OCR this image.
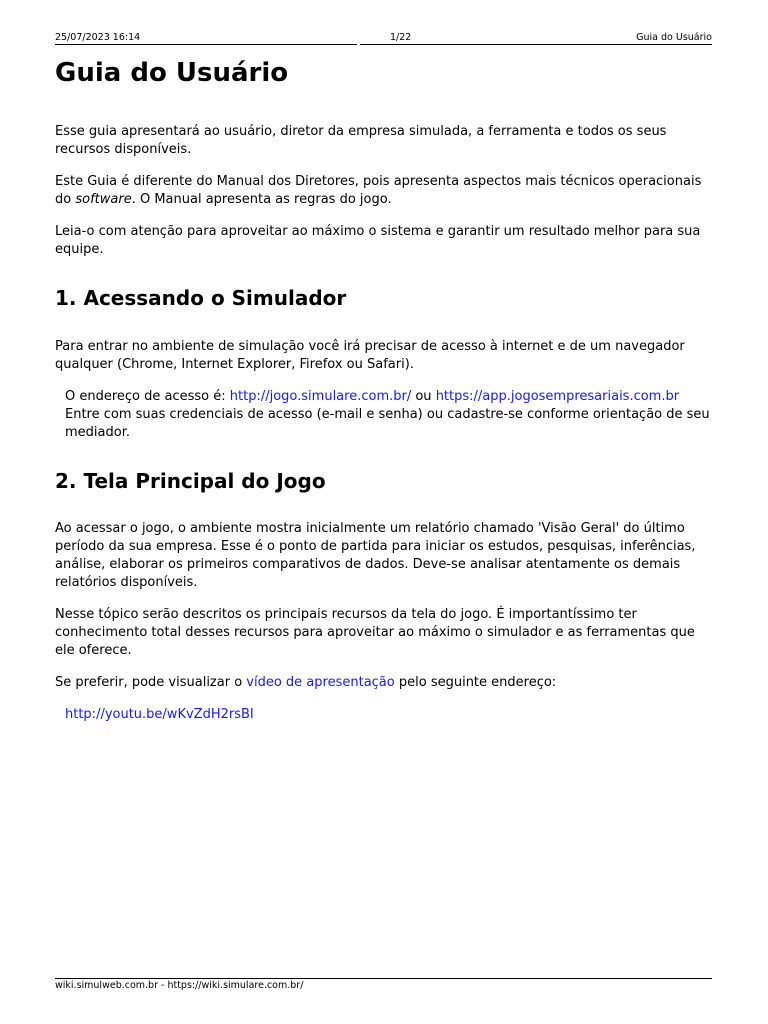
25/07/2023 16:14	1/22	Guia do Usuário
Guia do Usuário

Esse guia apresentará ao usuário, diretor da empresa simulada, a ferramenta e todos os seus recursos disponíveis.

Este Guia é diferente do Manual dos Diretores, pois apresenta aspectos mais técnicos operacionais do software. O Manual apresenta as regras do jogo.

Leia-o com atenção para aproveitar ao máximo o sistema e garantir um resultado melhor para sua equipe.

1. Acessando o Simulador

Para entrar no ambiente de simulação você irá precisar de acesso à internet e de um navegador qualquer (Chrome, Internet Explorer, Firefox ou Safari).

O endereço de acesso é: http://jogo.simulare.com.br/ ou https://app.jogosempresariais.com.br

Entre com suas credenciais de acesso (e-mail e senha) ou cadastre-se conforme orientação de seu mediador.

2. Tela Principal do Jogo

Ao acessar o jogo, o ambiente mostra inicialmente um relatório chamado 'Visão Geral' do último período da sua empresa. Esse é o ponto de partida para iniciar os estudos, pesquisas, inferências, análise, elaborar os primeiros comparativos de dados. Deve-se analisar atentamente os demais relatórios disponíveis.

Nesse tópico serão descritos os principais recursos da tela do jogo. É importantíssimo ter conhecimento total desses recursos para aproveitar ao máximo o simulador e as ferramentas que ele oferece.

Se preferir, pode visualizar o vídeo de apresentação pelo seguinte endereço:

http://youtu.be/wKvZdH2rsBI

wiki.simulweb.com.br - https://wiki.simulare.com.br/
